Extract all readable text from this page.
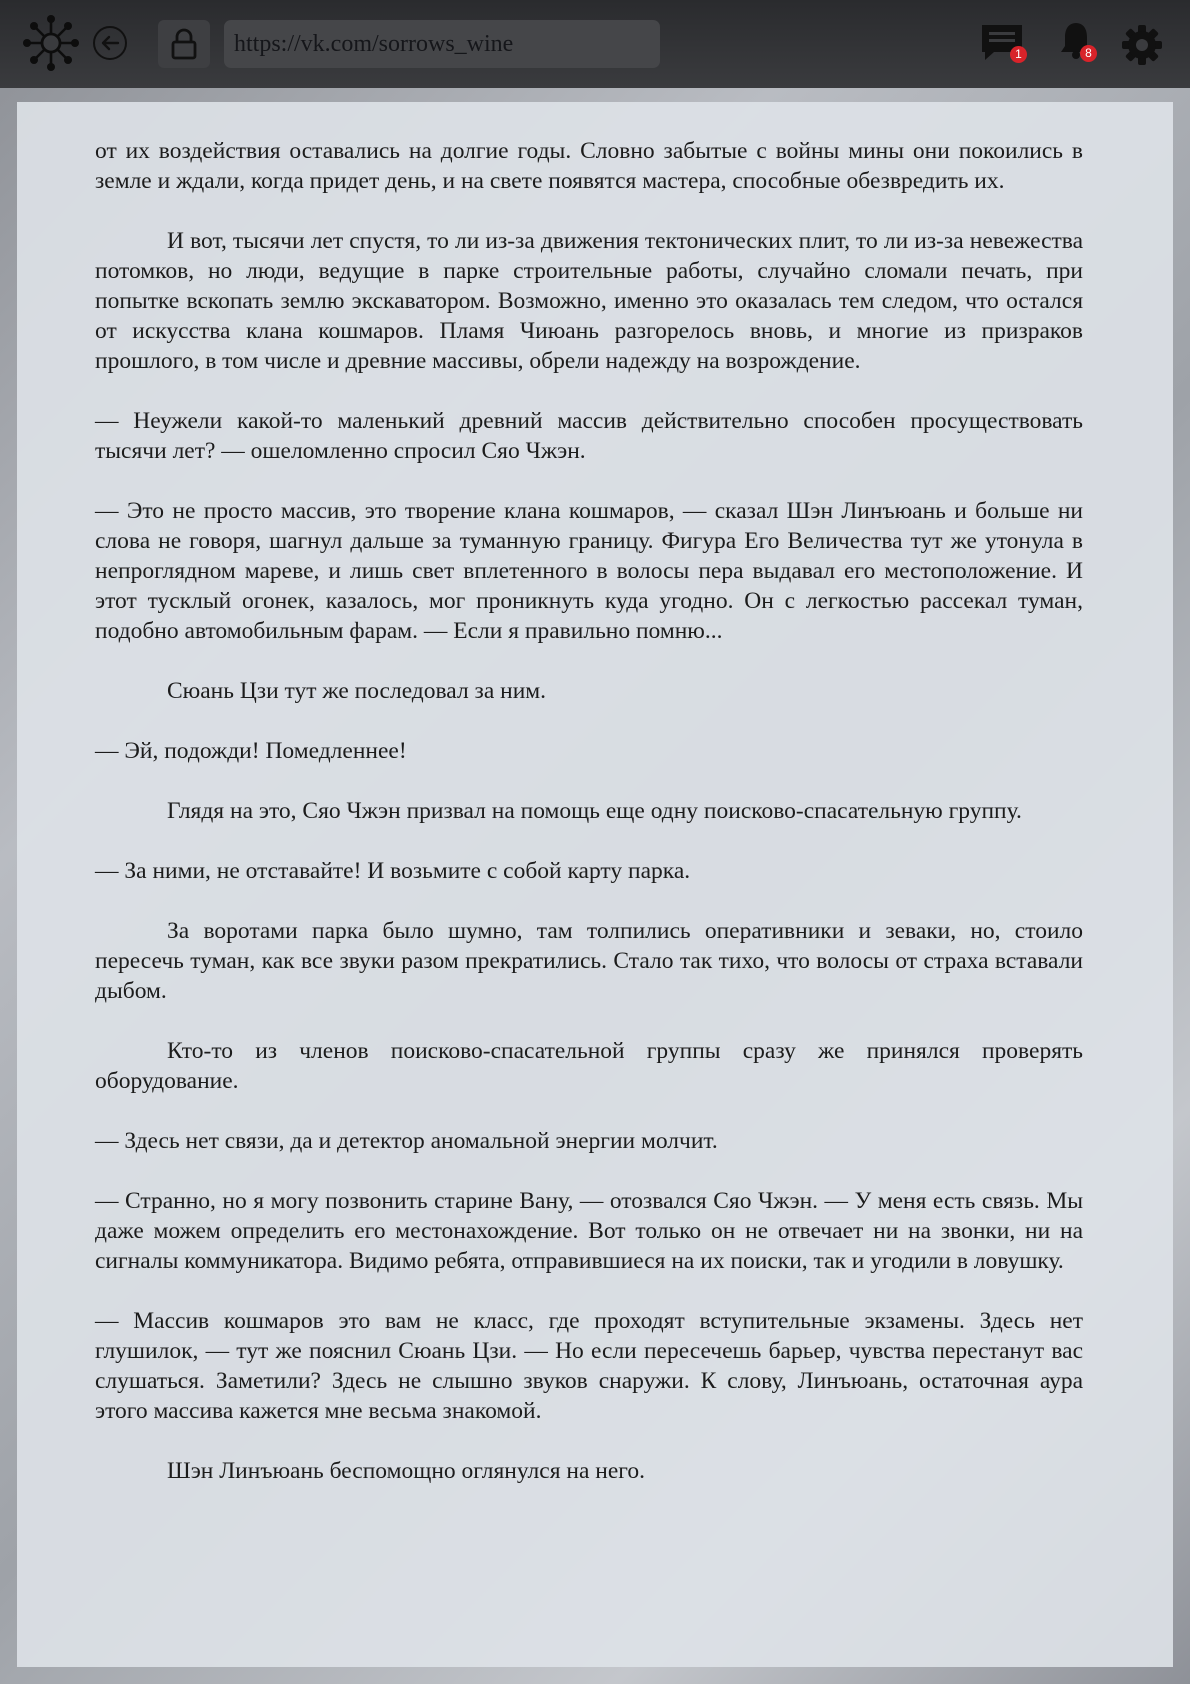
https://vk.com/sorrows_wine	1	8

от их воздействия оставались на долгие годы. Словно забытые с войны мины они покоились в земле и ждали, когда придет день, и на свете появятся мастера, способные обезвредить их.

И вот, тысячи лет спустя, то ли из-за движения тектонических плит, то ли из-за невежества потомков, но люди, ведущие в парке строительные работы, случайно сломали печать, при попытке вскопать землю экскаватором. Возможно, именно это оказалась тем следом, что остался от искусства клана кошмаров. Пламя Чиюань разгорелось вновь, и многие из призраков прошлого, в том числе и древние массивы, обрели надежду на возрождение.

— Неужели какой-то маленький древний массив действительно способен просуществовать тысячи лет? — ошеломленно спросил Сяо Чжэн.

— Это не просто массив, это творение клана кошмаров, — сказал Шэн Линъюань и больше ни слова не говоря, шагнул дальше за туманную границу. Фигура Его Величества тут же утонула в непроглядном мареве, и лишь свет вплетенного в волосы пера выдавал его местоположение. И этот тусклый огонек, казалось, мог проникнуть куда угодно. Он с легкостью рассекал туман, подобно автомобильным фарам. — Если я правильно помню...

Сюань Цзи тут же последовал за ним.

— Эй, подожди! Помедленнее!

Глядя на это, Сяо Чжэн призвал на помощь еще одну поисково-спасательную группу.

— За ними, не отставайте! И возьмите с собой карту парка.

За воротами парка было шумно, там толпились оперативники и зеваки, но, стоило пересечь туман, как все звуки разом прекратились. Стало так тихо, что волосы от страха вставали дыбом.

Кто-то из членов поисково-спасательной группы сразу же принялся проверять оборудование.

— Здесь нет связи, да и детектор аномальной энергии молчит.

— Странно, но я могу позвонить старине Вану, — отозвался Сяо Чжэн. — У меня есть связь. Мы даже можем определить его местонахождение. Вот только он не отвечает ни на звонки, ни на сигналы коммуникатора. Видимо ребята, отправившиеся на их поиски, так и угодили в ловушку.

— Массив кошмаров это вам не класс, где проходят вступительные экзамены. Здесь нет глушилок, — тут же пояснил Сюань Цзи. — Но если пересечешь барьер, чувства перестанут вас слушаться. Заметили? Здесь не слышно звуков снаружи. К слову, Линъюань, остаточная аура этого массива кажется мне весьма знакомой.

Шэн Линъюань беспомощно оглянулся на него.
